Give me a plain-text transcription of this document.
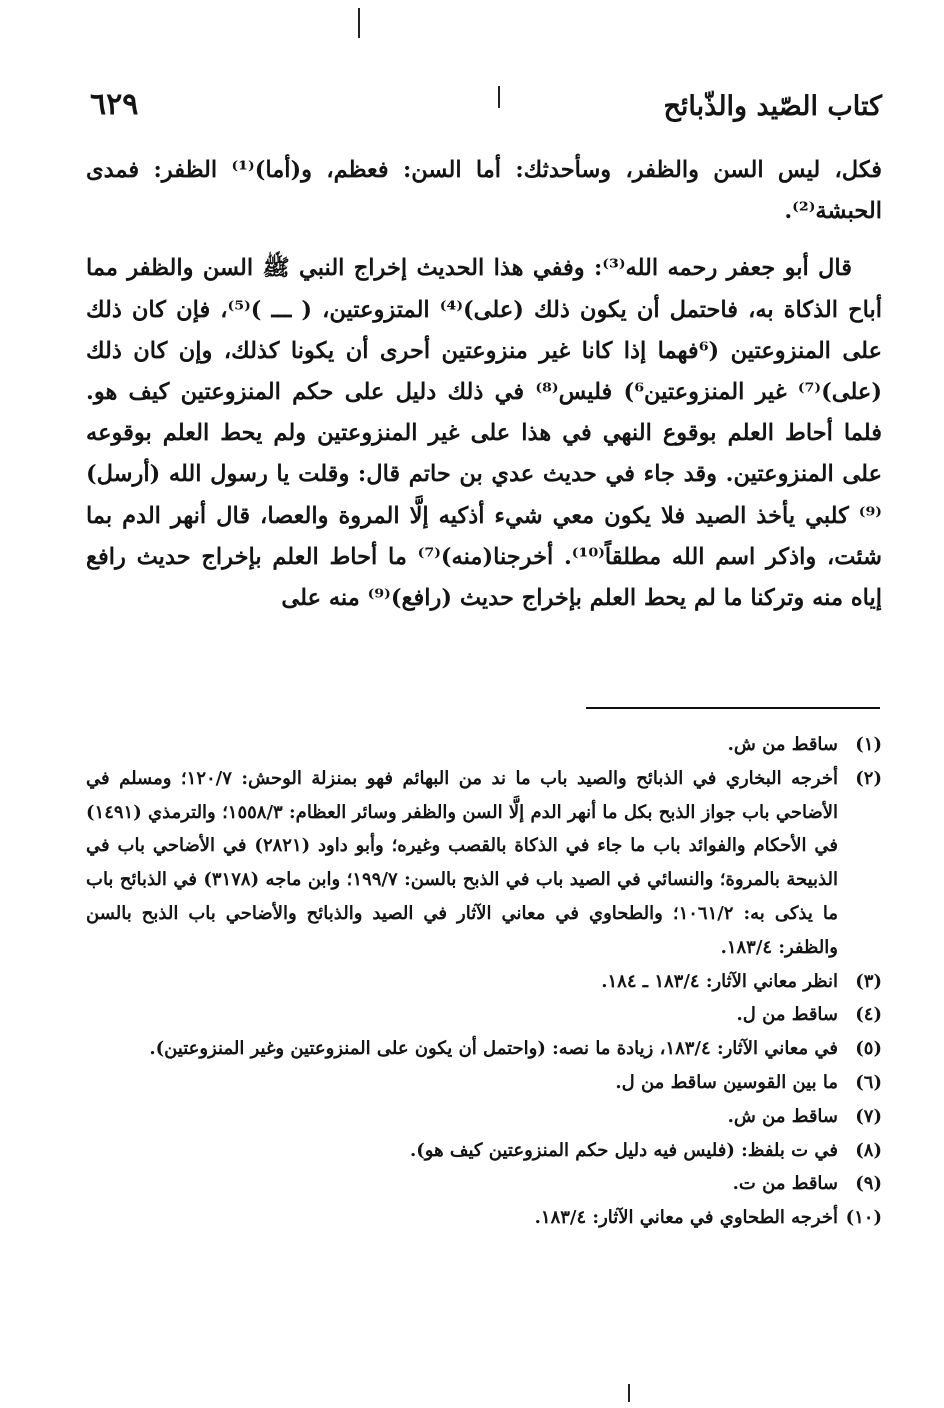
كتاب الصّيد والذّبائح
٦٢٩

فكل، ليس السن والظفر، وسأحدثك: أما السن: فعظم، و(أما)⁽¹⁾ الظفر: فمدى الحبشة⁽²⁾.

قال أبو جعفر رحمه الله⁽³⁾: وففي هذا الحديث إخراج النبي ﷺ السن والظفر مما أباح الذكاة به، فاحتمل أن يكون ذلك (على)⁽⁴⁾ المتزوعتين، ( ـــ )⁽⁵⁾، فإن كان ذلك على المنزوعتين (⁶فهما إذا كانا غير منزوعتين أحرى أن يكونا كذلك، وإن كان ذلك (على)⁽⁷⁾ غير المنزوعتين⁶) فليس⁽⁸⁾ في ذلك دليل على حكم المنزوعتين كيف هو. فلما أحاط العلم بوقوع النهي في هذا على غير المنزوعتين ولم يحط العلم بوقوعه على المنزوعتين. وقد جاء في حديث عدي بن حاتم قال: وقلت يا رسول الله (أرسل)⁽⁹⁾ كلبي يأخذ الصيد فلا يكون معي شيء أذكيه إلَّا المروة والعصا، قال أنهر الدم بما شئت، واذكر اسم الله مطلقاً⁽¹⁰⁾. أخرجنا(منه)⁽⁷⁾ ما أحاط العلم بإخراج حديث رافع إياه منه وتركنا ما لم يحط العلم بإخراج حديث (رافع)⁽⁹⁾ منه على

(١)
ساقط من ش.
(٢)
أخرجه البخاري في الذبائح والصيد باب ما ند من البهائم فهو بمنزلة الوحش: ١٢٠/٧؛ ومسلم في الأضاحي باب جواز الذبح بكل ما أنهر الدم إلَّا السن والظفر وسائر العظام: ١٥٥٨/٣؛ والترمذي (١٤٩١) في الأحكام والفوائد باب ما جاء في الذكاة بالقصب وغيره؛ وأبو داود (٢٨٢١) في الأضاحي باب في الذبيحة بالمروة؛ والنسائي في الصيد باب في الذبح بالسن: ١٩٩/٧؛ وابن ماجه (٣١٧٨) في الذبائح باب ما يذكى به: ١٠٦١/٢؛ والطحاوي في معاني الآثار في الصيد والذبائح والأضاحي باب الذبح بالسن والظفر: ١٨٣/٤.
(٣)
انظر معاني الآثار: ١٨٣/٤ ـ ١٨٤.
(٤)
ساقط من ل.
(٥)
في معاني الآثار: ١٨٣/٤، زيادة ما نصه: (واحتمل أن يكون على المنزوعتين وغير المنزوعتين).
(٦)
ما بين القوسين ساقط من ل.
(٧)
ساقط من ش.
(٨)
في ت بلفظ: (فليس فيه دليل حكم المنزوعتين كيف هو).
(٩)
ساقط من ت.
(١٠)
أخرجه الطحاوي في معاني الآثار: ١٨٣/٤.
